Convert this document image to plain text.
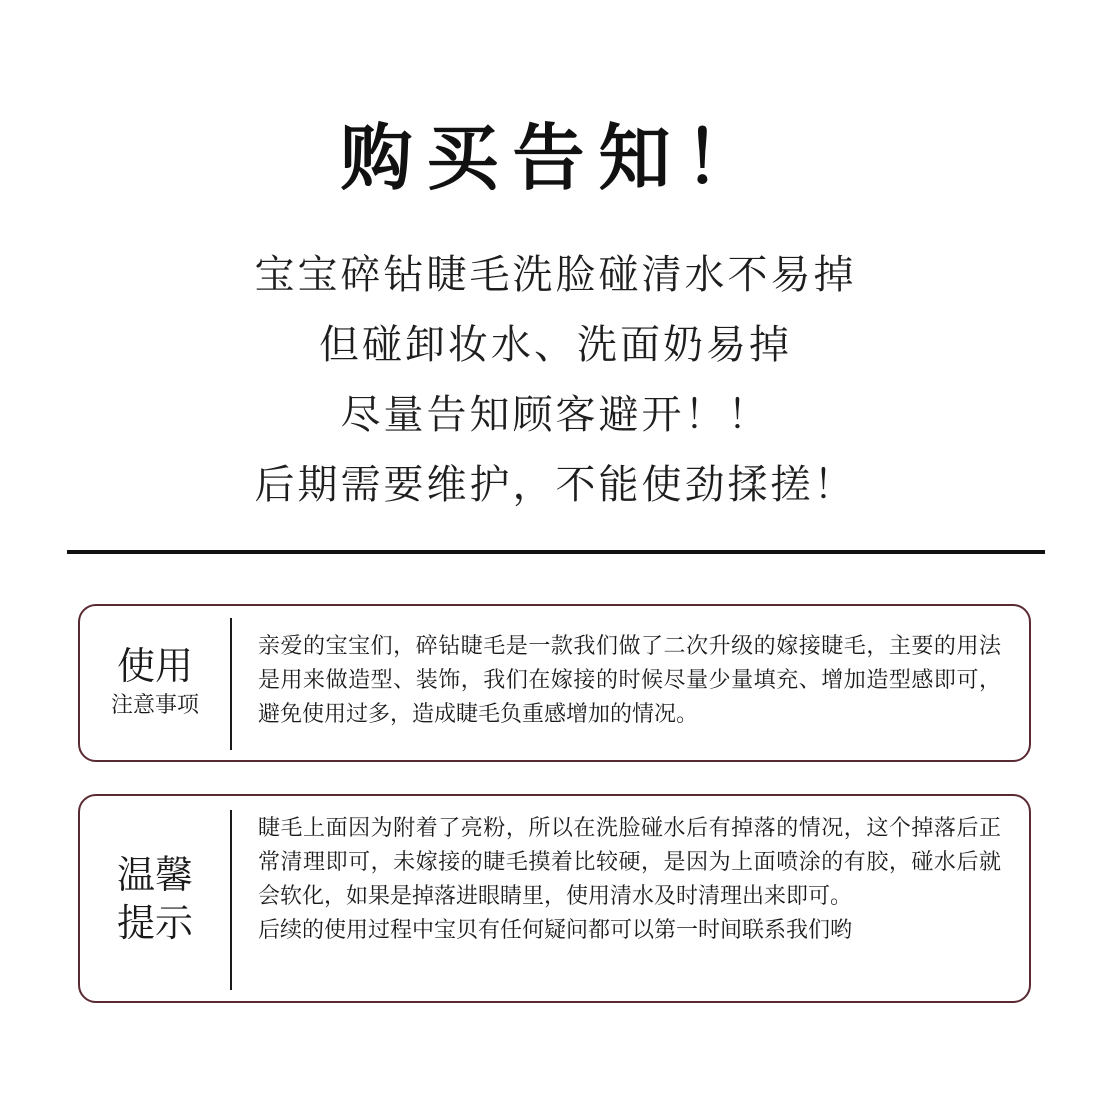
购买告知！
宝宝碎钻睫毛洗脸碰清水不易掉
但碰卸妆水、洗面奶易掉
尽量告知顾客避开！！
后期需要维护，不能使劲揉搓！
使用
注意事项

亲爱的宝宝们，碎钻睫毛是一款我们做了二次升级的嫁接睫毛，主要的用法是用来做造型、装饰，我们在嫁接的时候尽量少量填充、增加造型感即可，避免使用过多，造成睫毛负重感增加的情况。

温馨
提示

睫毛上面因为附着了亮粉，所以在洗脸碰水后有掉落的情况，这个掉落后正常清理即可，未嫁接的睫毛摸着比较硬，是因为上面喷涂的有胶，碰水后就会软化，如果是掉落进眼睛里，使用清水及时清理出来即可。

后续的使用过程中宝贝有任何疑问都可以第一时间联系我们哟
